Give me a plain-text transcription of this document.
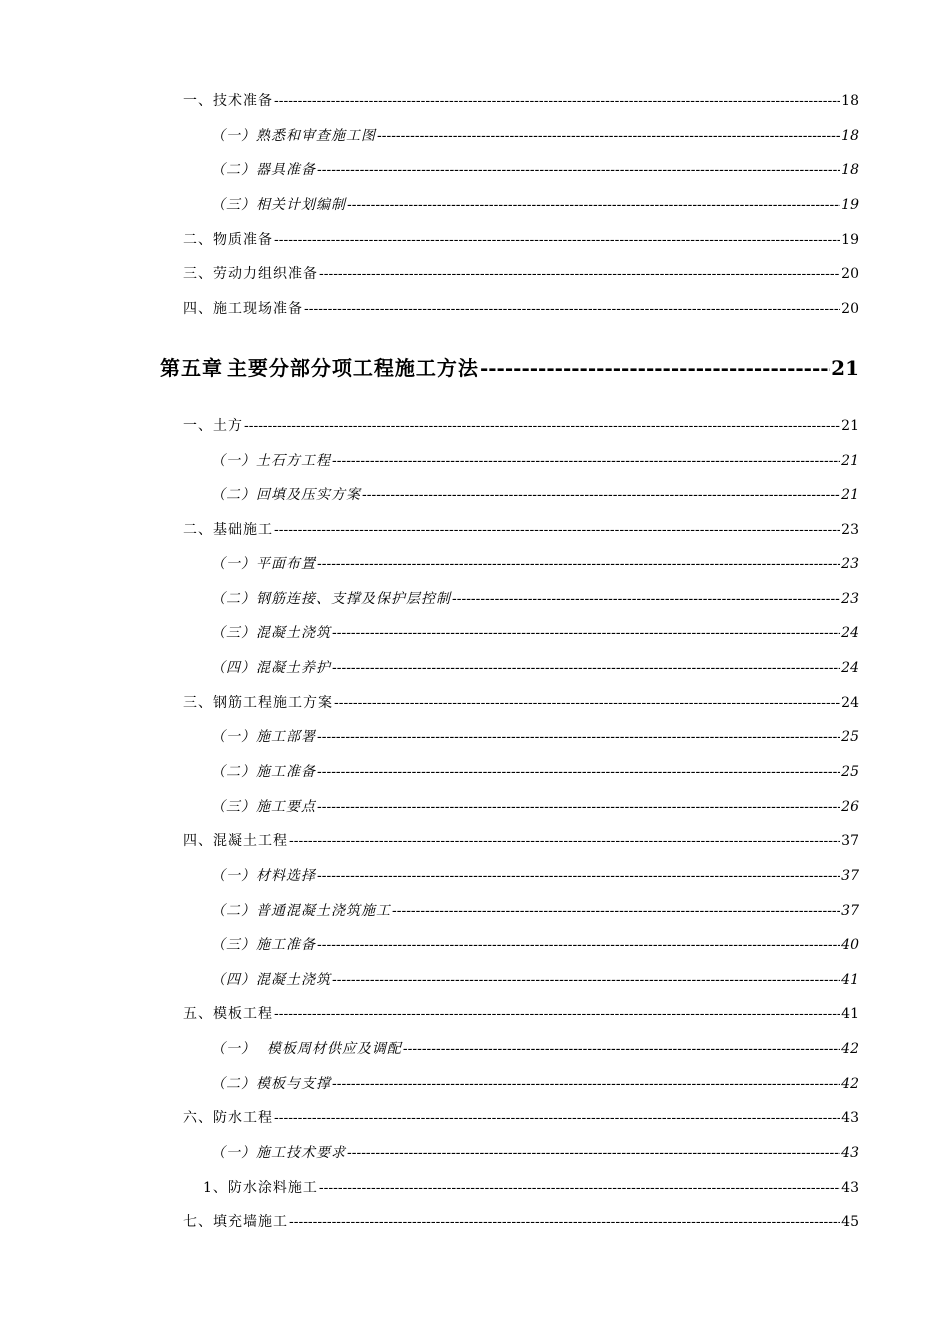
一、技术准备 -----	18
（一）熟悉和审查施工图 -----	18
（二）器具准备 -----	18
（三）相关计划编制 -----	19
二、物质准备 -----	19
三、劳动力组织准备 -----	20
四、施工现场准备 -----	20
第五章 主要分部分项工程施工方法 -----	21
一、土方 -----	21
（一）土石方工程 -----	21
（二）回填及压实方案 -----	21
二、基础施工 -----	23
（一）平面布置 -----	23
（二）钢筋连接、支撑及保护层控制 -----	23
（三）混凝土浇筑 -----	24
（四）混凝土养护 -----	24
三、钢筋工程施工方案 -----	24
（一）施工部署 -----	25
（二）施工准备 -----	25
（三）施工要点 -----	26
四、混凝土工程 -----	37
（一）材料选择 -----	37
（二）普通混凝土浇筑施工 -----	37
（三）施工准备 -----	40
（四）混凝土浇筑 -----	41
五、模板工程 -----	41
（一）  模板周材供应及调配 -----	42
（二）模板与支撑 -----	42
六、防水工程 -----	43
（一）施工技术要求 -----	43
1、防水涂料施工 -----	43
七、填充墙施工 -----	45
